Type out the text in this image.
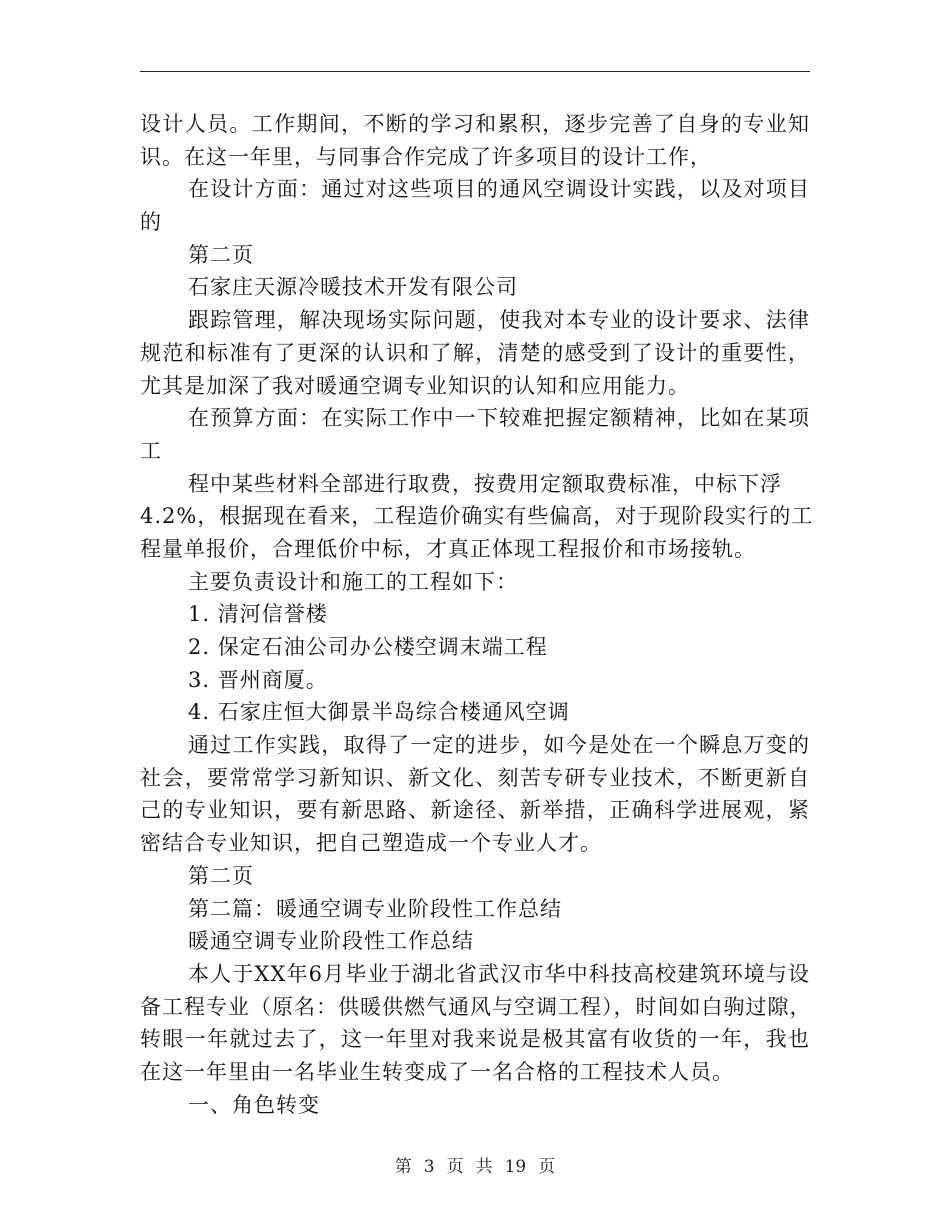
设计人员。工作期间，不断的学习和累积，逐步完善了自身的专业知
识。在这一年里，与同事合作完成了许多项目的设计工作，
在设计方面：通过对这些项目的通风空调设计实践，以及对项目
的
第二页
石家庄天源冷暖技术开发有限公司
跟踪管理，解决现场实际问题，使我对本专业的设计要求、法律
规范和标准有了更深的认识和了解，清楚的感受到了设计的重要性，
尤其是加深了我对暖通空调专业知识的认知和应用能力。
在预算方面：在实际工作中一下较难把握定额精神，比如在某项
工
程中某些材料全部进行取费，按费用定额取费标准，中标下浮
4.2%，根据现在看来，工程造价确实有些偏高，对于现阶段实行的工
程量单报价，合理低价中标，才真正体现工程报价和市场接轨。
主要负责设计和施工的工程如下：
1. 清河信誉楼
2. 保定石油公司办公楼空调末端工程
3. 晋州商厦。
4. 石家庄恒大御景半岛综合楼通风空调
通过工作实践，取得了一定的进步，如今是处在一个瞬息万变的
社会，要常常学习新知识、新文化、刻苦专研专业技术，不断更新自
己的专业知识，要有新思路、新途径、新举措，正确科学进展观，紧
密结合专业知识，把自己塑造成一个专业人才。
第二页
第二篇：暖通空调专业阶段性工作总结
暖通空调专业阶段性工作总结
本人于XX年6月毕业于湖北省武汉市华中科技高校建筑环境与设
备工程专业（原名：供暖供燃气通风与空调工程），时间如白驹过隙，
转眼一年就过去了，这一年里对我来说是极其富有收货的一年，我也
在这一年里由一名毕业生转变成了一名合格的工程技术人员。
一、角色转变
第 3 页 共 19 页
